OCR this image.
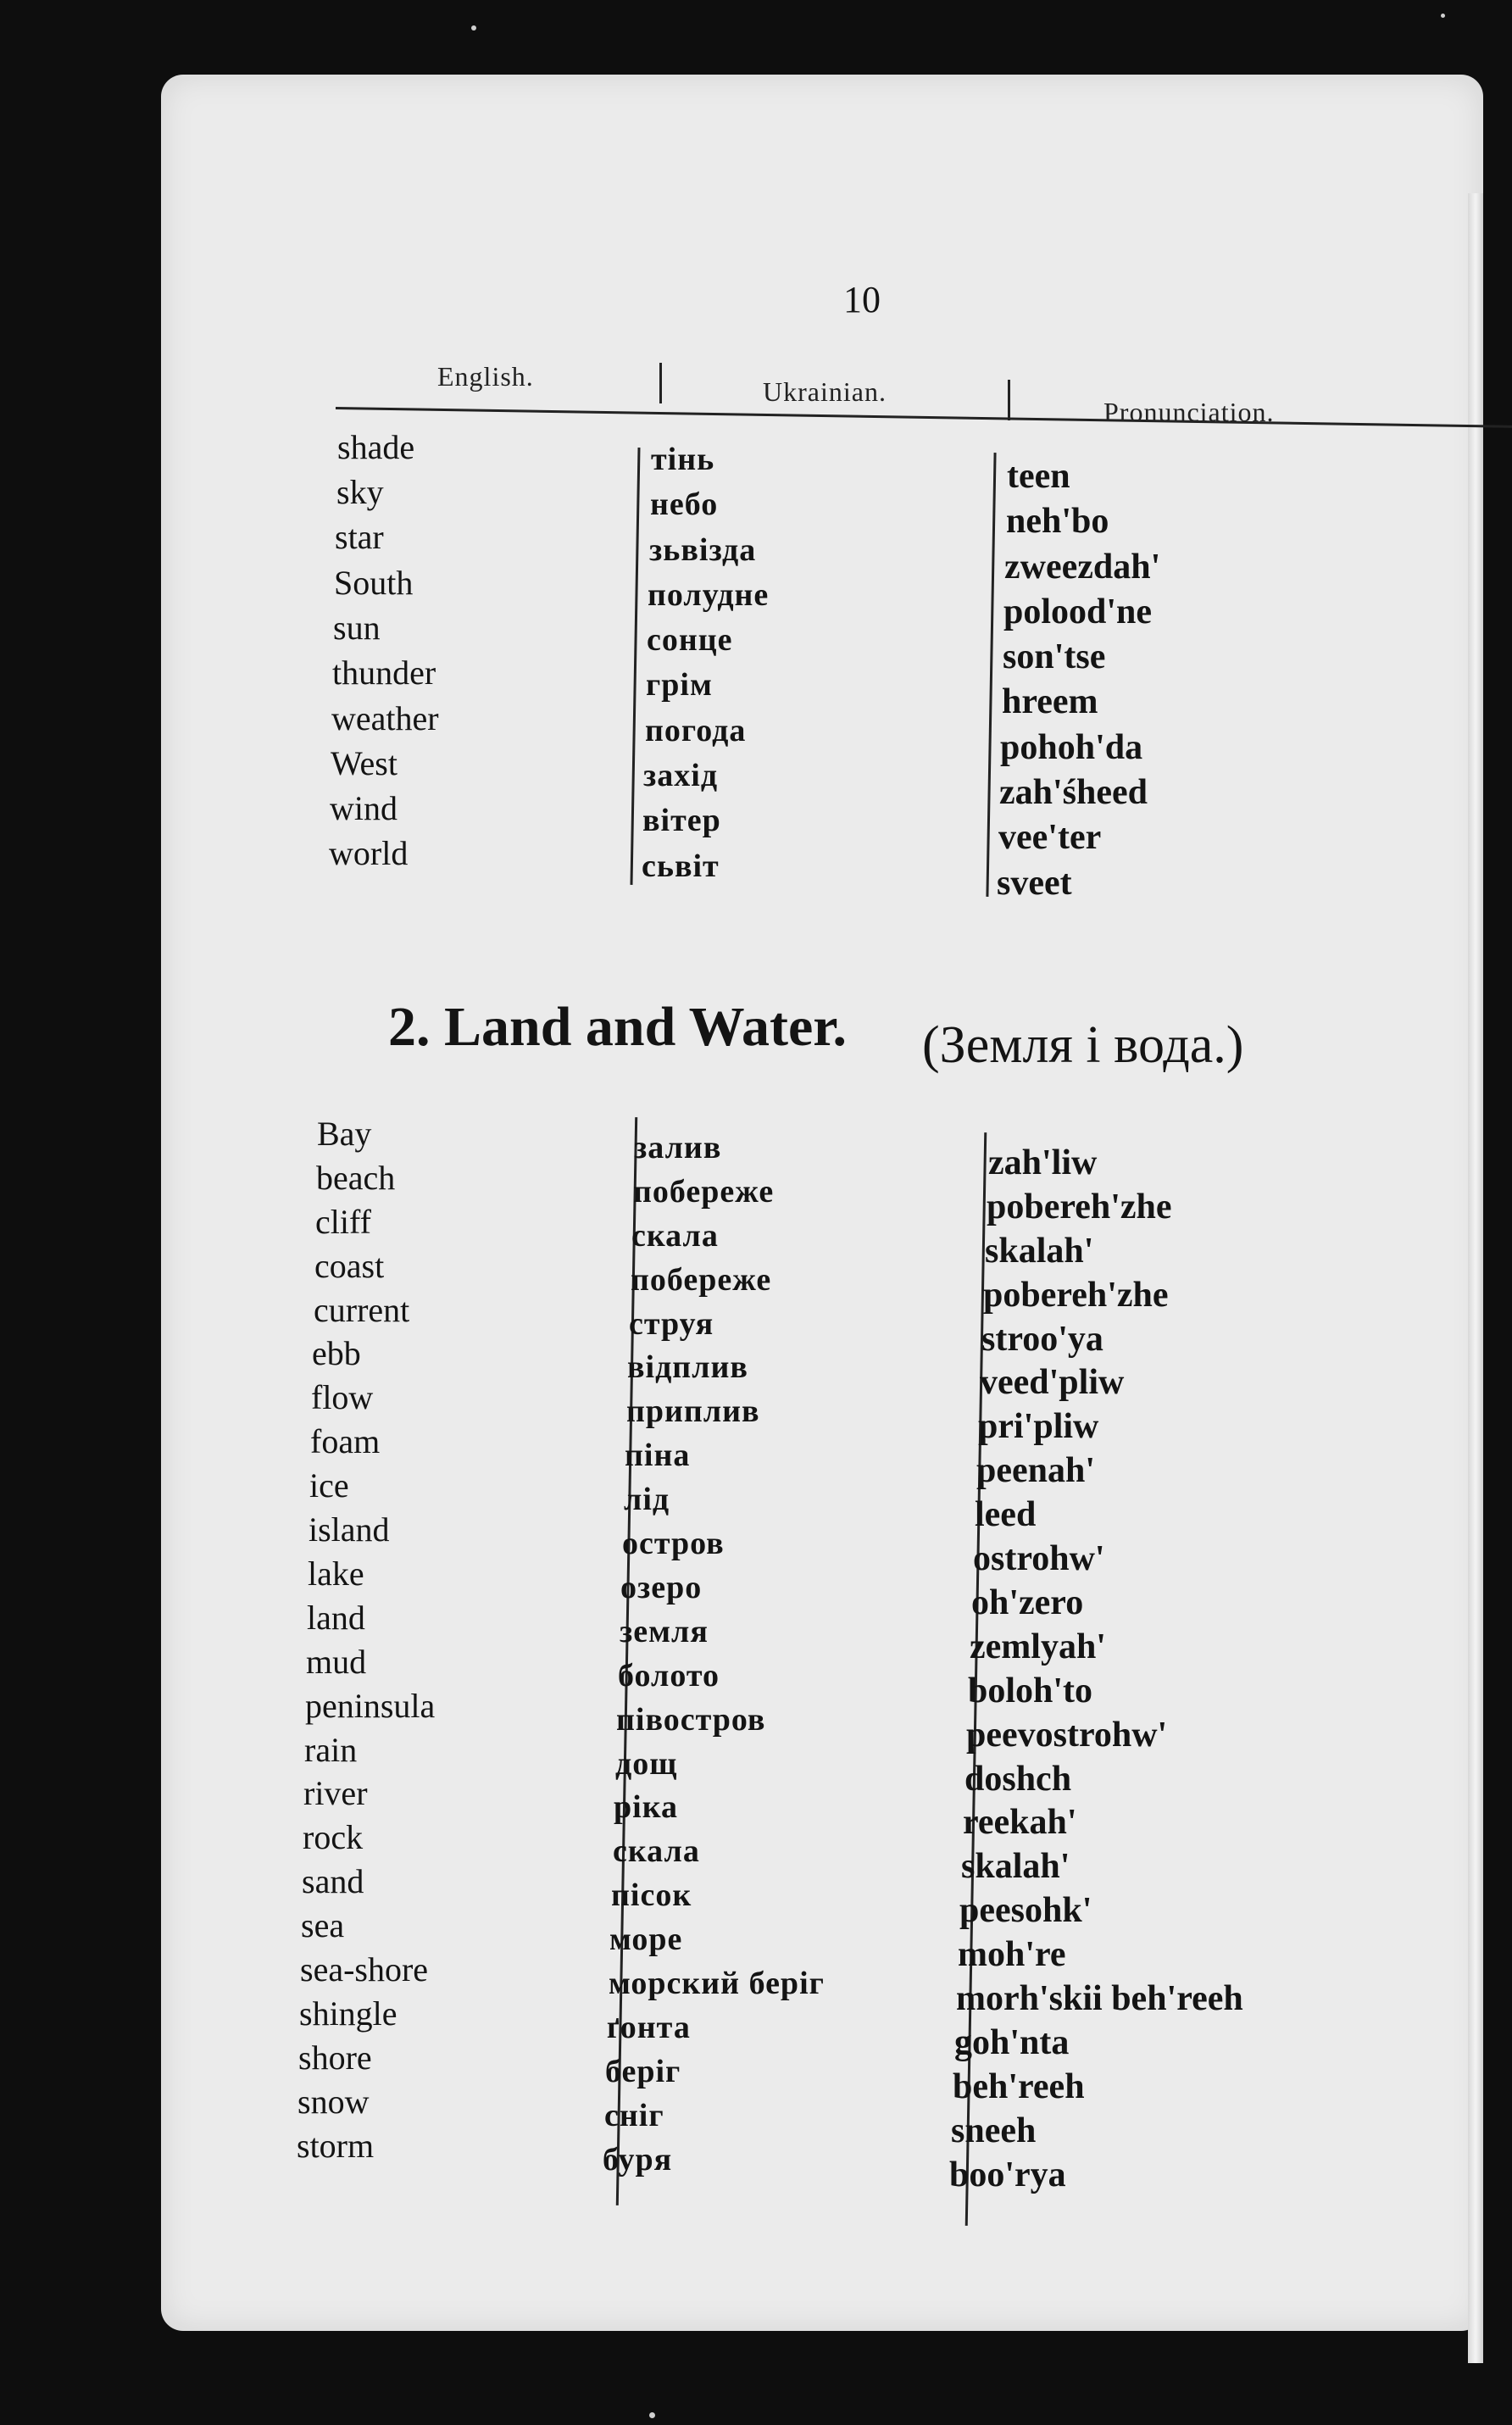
10
English.	Ukrainian.
Pronunciation.
shade
sky
star
South
sun
thunder
weather
West
wind
world
тінь
небо
зьвізда
полудне
сонце
грім
погода
захід
вітер
сьвіт
teen
neh'bo
zweezdah'
polood'ne
son'tse
hreem
pohoh'da
zah'śheed
vee'ter
sveet
2. Land and Water. (Земля і вода.)
Bay
beach
cliff
coast
current
ebb
flow
foam
ice
island
lake
land
mud
peninsula
rain
river
rock
sand
sea
sea-shore
shingle
shore
snow
storm
залив
побереже
скала
побереже
струя
відплив
приплив
піна
лід
остров
озеро
земля
болото
півостров
дощ
ріка
скала
пісок
море
морский беріг
ґонта
беріг
сніг
буря
zah'liw
pobereh'zhe
skalah'
pobereh'zhe
stroo'ya
veed'pliw
pri'pliw
peenah'
leed
ostrohw'
oh'zero
zemlyah'
boloh'to
peevostrohw'
doshch
reekah'
skalah'
peesohk'
moh're
morh'skii beh'reeh
goh'nta
beh'reeh
sneeh
boo'rya
